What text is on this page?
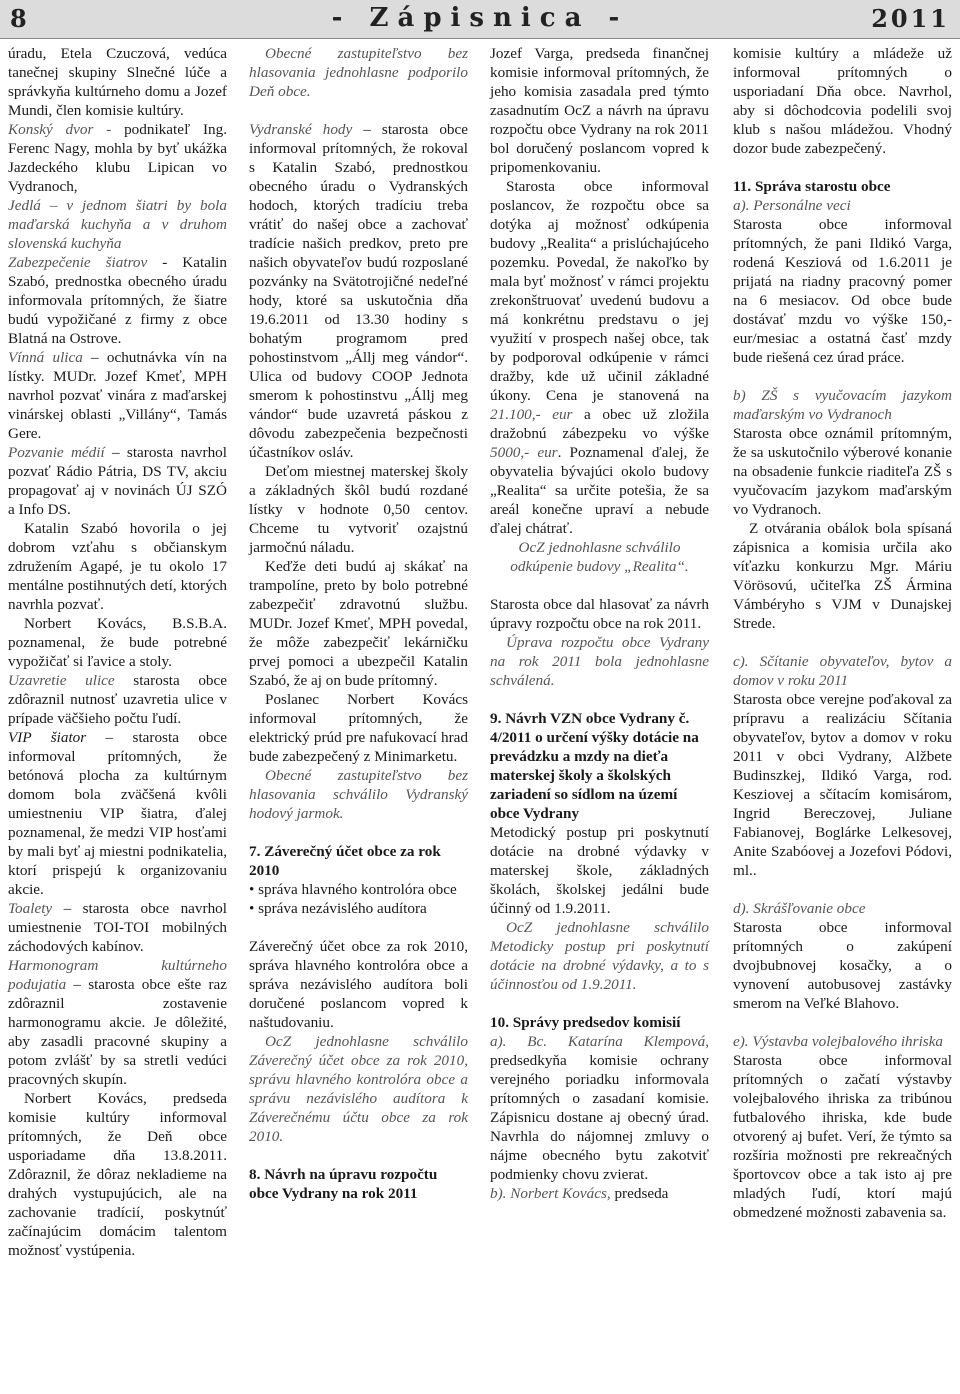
8	- Zápisnica -	2011

úradu, Etela Czuczová, vedúca tanečnej skupiny Slnečné lúče a správkyňa kultúrneho domu a Jozef Mundi, člen komisie kultúry.

Konský dvor - podnikateľ Ing. Ferenc Nagy, mohla by byť ukážka Jazdeckého klubu Lipican vo Vydranoch,

Jedlá – v jednom šiatri by bola maďarská kuchyňa a v druhom slovenská kuchyňa

Zabezpečenie šiatrov - Katalin Szabó, prednostka obecného úradu informovala prítomných, že šiatre budú vypožičané z firmy z obce Blatná na Ostrove.

Vínná ulica – ochutnávka vín na lístky. MUDr. Jozef Kmeť, MPH navrhol pozvať vinára z maďarskej vinárskej oblasti „Villány“, Tamás Gere.

Pozvanie médií – starosta navrhol pozvať Rádio Pátria, DS TV, akciu propagovať aj v novinách ÚJ SZÓ a Info DS.

Katalin Szabó hovorila o jej dobrom vzťahu s občianskym združením Agapé, je tu okolo 17 mentálne postihnutých detí, ktorých navrhla pozvať.

Norbert Kovács, B.S.B.A. poznamenal, že bude potrebné vypožičať si ľavice a stoly.

Uzavretie ulice starosta obce zdôraznil nutnosť uzavretia ulice v prípade väčšieho počtu ľudí.

VIP šiator – starosta obce informoval prítomných, že betónová plocha za kultúrnym domom bola zväčšená kvôli umiestneniu VIP šiatra, ďalej poznamenal, že medzi VIP hosťami by mali byť aj miestni podnikatelia, ktorí prispejú k organizovaniu akcie.

Toalety – starosta obce navrhol umiestnenie TOI-TOI mobilných záchodových kabínov.

Harmonogram kultúrneho podujatia – starosta obce ešte raz zdôraznil zostavenie harmonogramu akcie. Je dôležité, aby zasadli pracovné skupiny a potom zvlášť by sa stretli vedúci pracovných skupín.

Norbert Kovács, predseda komisie kultúry informoval prítomných, že Deň obce usporiadame dňa 13.8.2011. Zdôraznil, že dôraz nekladieme na drahých vystupujúcich, ale na zachovanie tradícií, poskytnúť začínajúcim domácim talentom možnosť vystúpenia.

Obecné zastupiteľstvo bez hlasovania jednohlasne podporilo Deň obce.

Vydranské hody – starosta obce informoval prítomných, že rokoval s Katalin Szabó, prednostkou obecného úradu o Vydranských hodoch, ktorých tradíciu treba vrátiť do našej obce a zachovať tradície našich predkov, preto pre našich obyvateľov budú rozposlané pozvánky na Svätotrojičné nedeľné hody, ktoré sa uskutočnia dňa 19.6.2011 od 13.30 hodiny s bohatým programom pred pohostinstvom „Állj meg vándor“. Ulica od budovy COOP Jednota smerom k pohostinstvu „Állj meg vándor“ bude uzavretá páskou z dôvodu zabezpečenia bezpečnosti účastníkov osláv.

Deťom miestnej materskej školy a základných škôl budú rozdané lístky v hodnote 0,50 centov. Chceme tu vytvoriť ozajstnú jarmočnú náladu.

Keďže deti budú aj skákať na trampolíne, preto by bolo potrebné zabezpečiť zdravotnú službu. MUDr. Jozef Kmeť, MPH povedal, že môže zabezpečiť lekárničku prvej pomoci a ubezpečil Katalin Szabó, že aj on bude prítomný.

Poslanec Norbert Kovács informoval prítomných, že elektrický prúd pre nafukovací hrad bude zabezpečený z Minimarketu.

Obecné zastupiteľstvo bez hlasovania schválilo Vydranský hodový jarmok.

7. Záverečný účet obce za rok 2010

• správa hlavného kontrolóra obce

• správa nezávislého audítora

Záverečný účet obce za rok 2010, správa hlavného kontrolóra obce a správa nezávislého audítora boli doručené poslancom vopred k naštudovaniu.

OcZ jednohlasne schválilo Záverečný účet obce za rok 2010, správu hlavného kontrolóra obce a správu nezávislého audítora k Záverečnému účtu obce za rok 2010.

8. Návrh na úpravu rozpočtu obce Vydrany na rok 2011

Jozef Varga, predseda finančnej komisie informoval prítomných, že jeho komisia zasadala pred týmto zasadnutím OcZ a návrh na úpravu rozpočtu obce Vydrany na rok 2011 bol doručený poslancom vopred k pripomenkovaniu.

Starosta obce informoval poslancov, že rozpočtu obce sa dotýka aj možnosť odkúpenia budovy „Realita“ a prislúchajúceho pozemku. Povedal, že nakoľko by mala byť možnosť v rámci projektu zrekonštruovať uvedenú budovu a má konkrétnu predstavu o jej využití v prospech našej obce, tak by podporoval odkúpenie v rámci dražby, kde už učinil základné úkony. Cena je stanovená na 21.100,- eur a obec už zložila dražobnú zábezpeku vo výške 5000,- eur. Poznamenal ďalej, že obyvatelia bývajúci okolo budovy „Realita“ sa určite potešia, že sa areál konečne upraví a nebude ďalej chátrať.

OcZ jednohlasne schválilo odkúpenie budovy „Realita“.

Starosta obce dal hlasovať za návrh úpravy rozpočtu obce na rok 2011.

Úprava rozpočtu obce Vydrany na rok 2011 bola jednohlasne schválená.

9. Návrh VZN obce Vydrany č. 4/2011 o určení výšky dotácie na prevádzku a mzdy na dieťa materskej školy a školských zariadení so sídlom na území obce Vydrany

Metodický postup pri poskytnutí dotácie na drobné výdavky v materskej škole, základných školách, školskej jedálni bude účinný od 1.9.2011.

OcZ jednohlasne schválilo Metodicky postup pri poskytnutí dotácie na drobné výdavky, a to s účinnosťou od 1.9.2011.

10. Správy predsedov komisií

a). Bc. Katarína Klempová, predsedkyňa komisie ochrany verejného poriadku informovala prítomných o zasadaní komisie. Zápisnicu dostane aj obecný úrad. Navrhla do nájomnej zmluvy o nájme obecného bytu zakotviť podmienky chovu zvierat.

b). Norbert Kovács, predseda

komisie kultúry a mládeže už informoval prítomných o usporiadaní Dňa obce. Navrhol, aby si dôchodcovia podelili svoj klub s našou mládežou. Vhodný dozor bude zabezpečený.

11. Správa starostu obce

a). Personálne veci

Starosta obce informoval prítomných, že pani Ildikó Varga, rodená Kesziová od 1.6.2011 je prijatá na riadny pracovný pomer na 6 mesiacov. Od obce bude dostávať mzdu vo výške 150,-eur/mesiac a ostatná časť mzdy bude riešená cez úrad práce.

b) ZŠ s vyučovacím jazykom maďarským vo Vydranoch

Starosta obce oznámil prítomným, že sa uskutočnilo výberové konanie na obsadenie funkcie riaditeľa ZŠ s vyučovacím jazykom maďarským vo Vydranoch.

Z otvárania obálok bola spísaná zápisnica a komisia určila ako víťazku konkurzu Mgr. Máriu Vörösovú, učiteľka ZŠ Ármina Vámbéryho s VJM v Dunajskej Strede.

c). Sčítanie obyvateľov, bytov a domov v roku 2011

Starosta obce verejne poďakoval za prípravu a realizáciu Sčítania obyvateľov, bytov a domov v roku 2011 v obci Vydrany, Alžbete Budinszkej, Ildikó Varga, rod. Kesziovej a sčítacím komisárom, Ingrid Bereczovej, Juliane Fabianovej, Boglárke Lelkesovej, Anite Szabóovej a Jozefovi Pódovi, ml..

d). Skrášľovanie obce

Starosta obce informoval prítomných o zakúpení dvojbubnovej kosačky, a o vynovení autobusovej zastávky smerom na Veľké Blahovo.

e). Výstavba volejbalového ihriska

Starosta obce informoval prítomných o začatí výstavby volejbalového ihriska za tribúnou futbalového ihriska, kde bude otvorený aj bufet. Verí, že týmto sa rozšíria možnosti pre rekreačných športovcov obce a tak isto aj pre mladých ľudí, ktorí majú obmedzené možnosti zabavenia sa.
